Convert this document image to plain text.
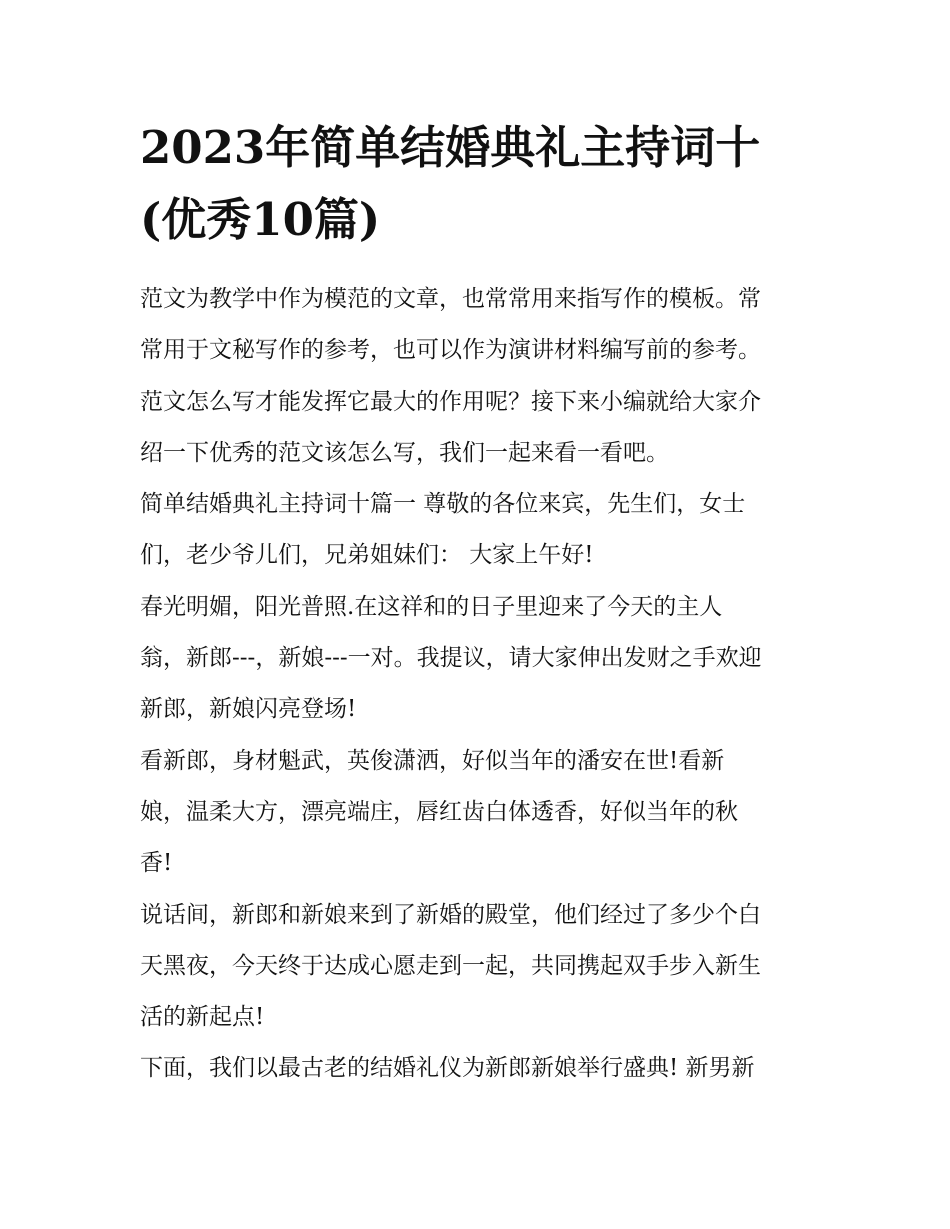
2023年简单结婚典礼主持词十
(优秀10篇)
范文为教学中作为模范的文章，也常常用来指写作的模板。常
常用于文秘写作的参考，也可以作为演讲材料编写前的参考。
范文怎么写才能发挥它最大的作用呢？接下来小编就给大家介
绍一下优秀的范文该怎么写，我们一起来看一看吧。
简单结婚典礼主持词十篇一 尊敬的各位来宾，先生们，女士
们，老少爷儿们，兄弟姐妹们： 大家上午好!
春光明媚，阳光普照.在这祥和的日子里迎来了今天的主人
翁，新郎---，新娘---一对。我提议，请大家伸出发财之手欢迎
新郎，新娘闪亮登场!
看新郎，身材魁武，英俊潇洒，好似当年的潘安在世!看新
娘，温柔大方，漂亮端庄，唇红齿白体透香，好似当年的秋
香!
说话间，新郎和新娘来到了新婚的殿堂，他们经过了多少个白
天黑夜，今天终于达成心愿走到一起，共同携起双手步入新生
活的新起点!
下面，我们以最古老的结婚礼仪为新郎新娘举行盛典! 新男新
